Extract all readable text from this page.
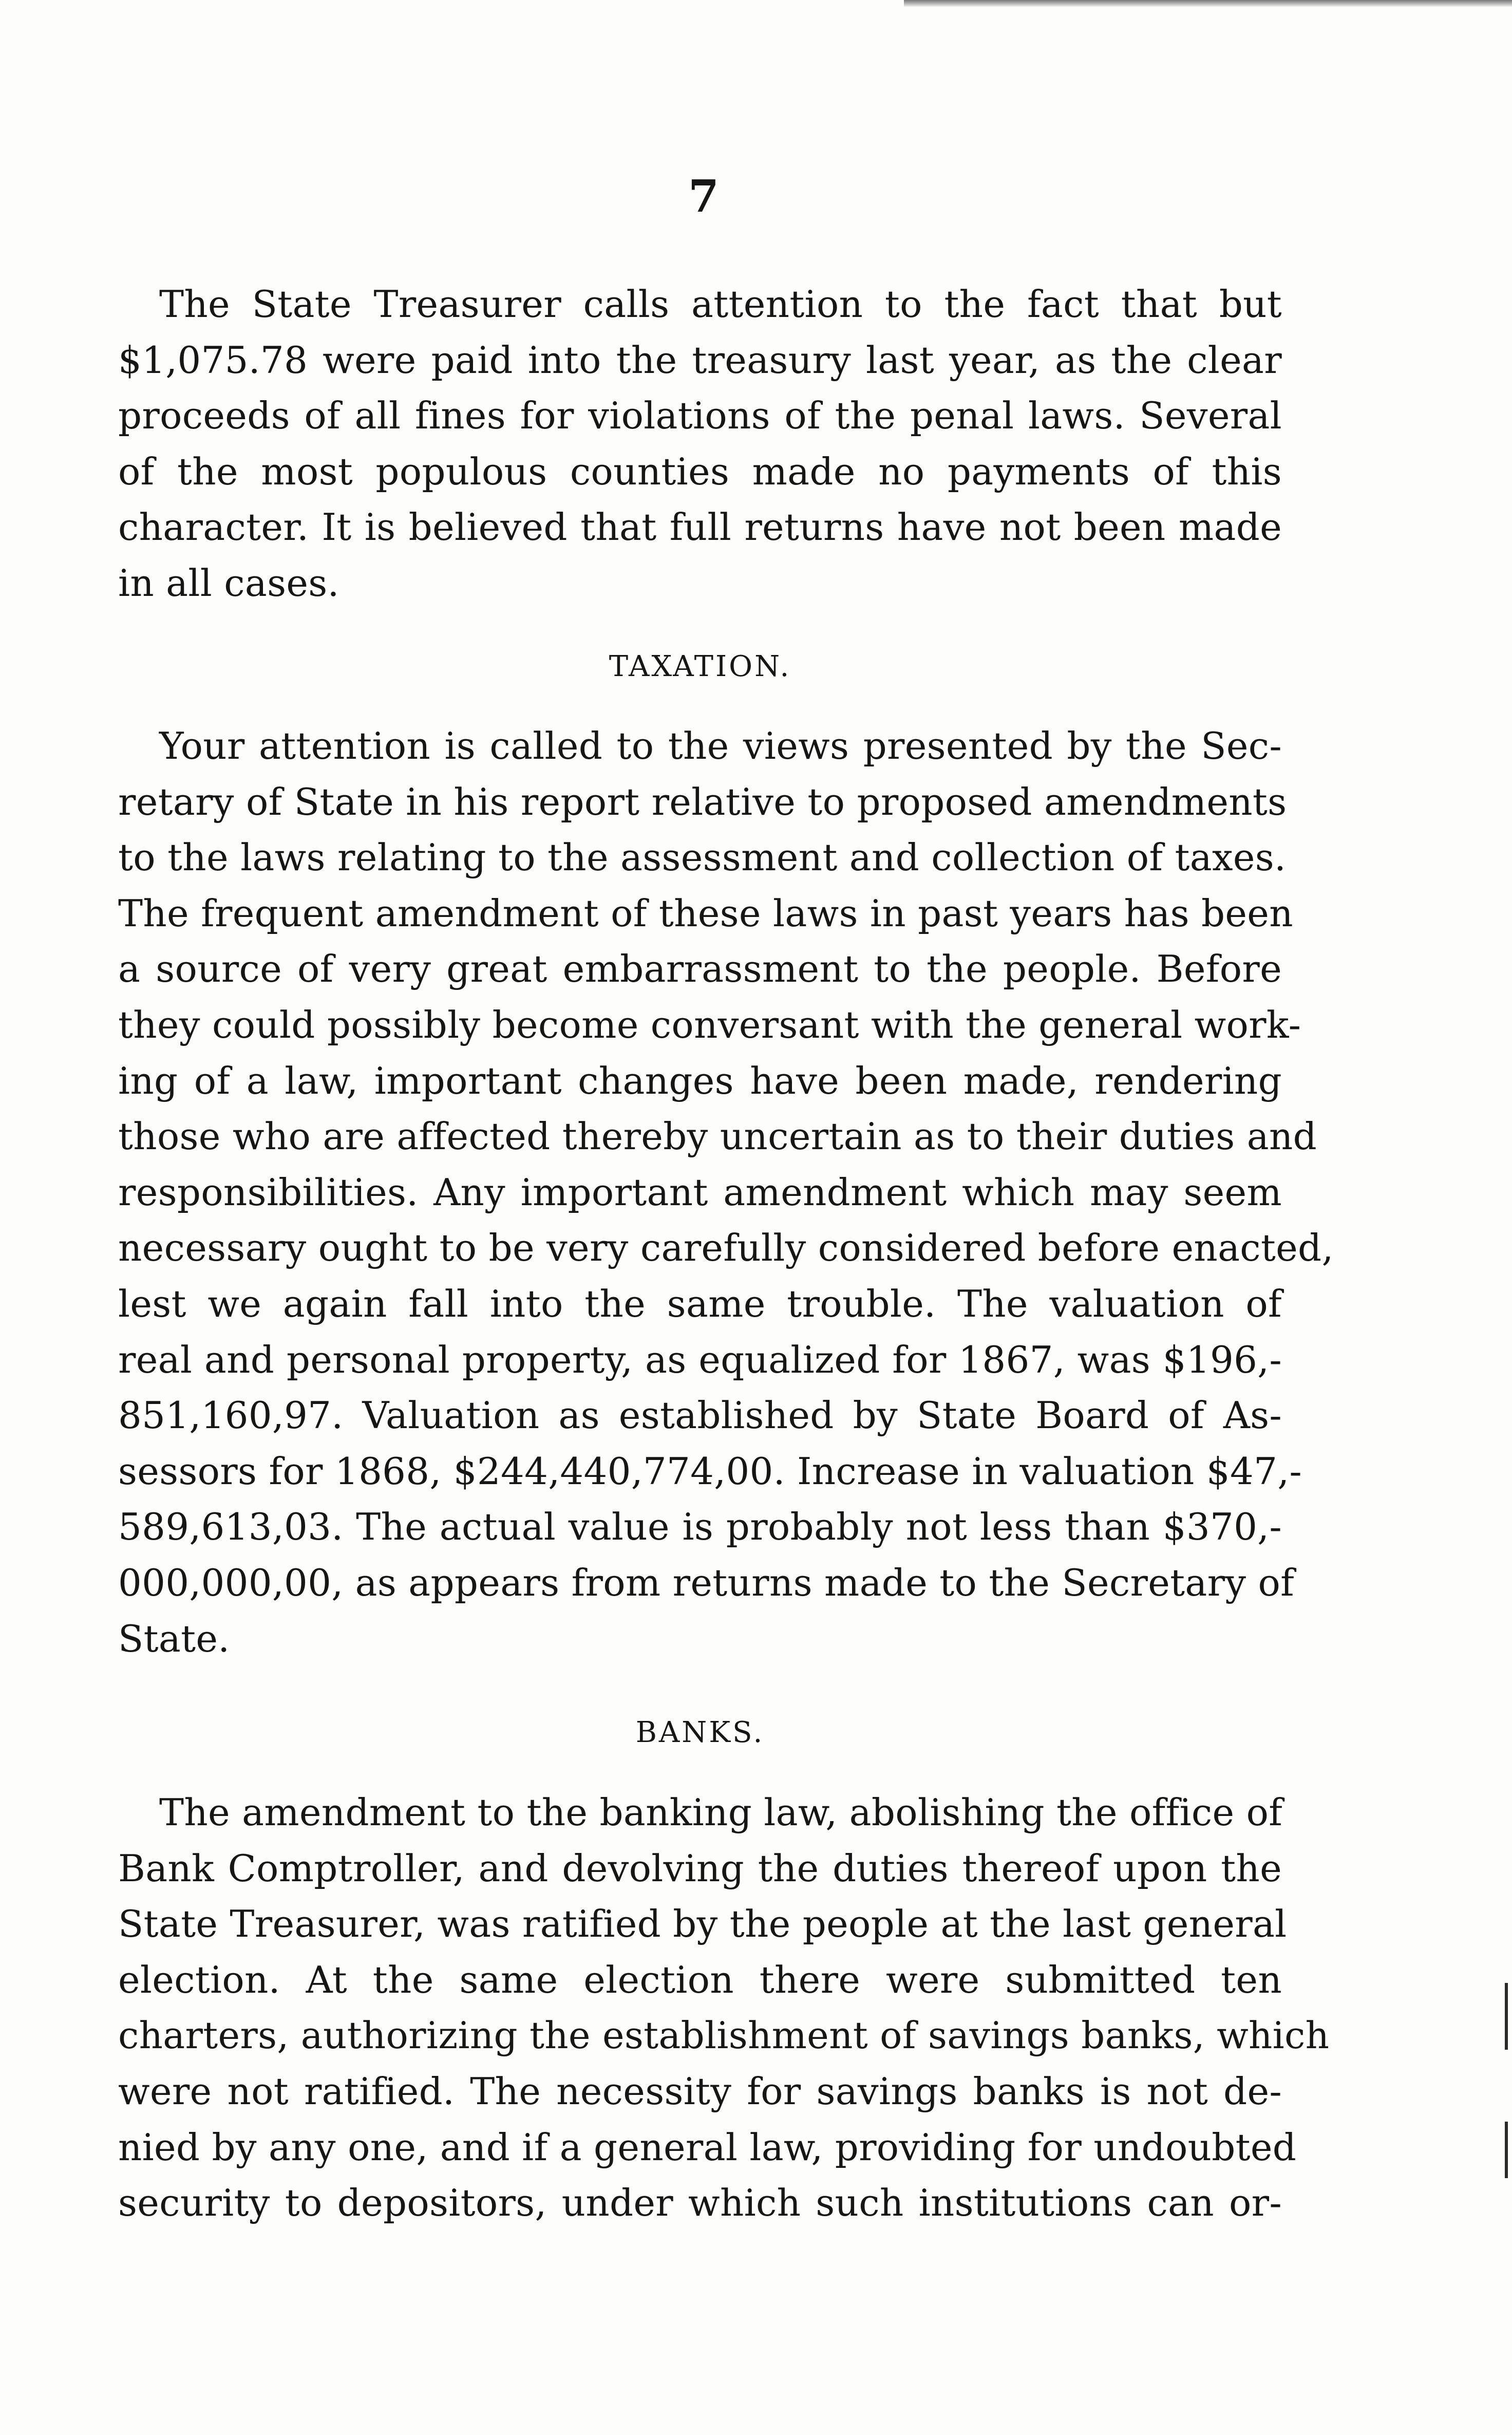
7
The State Treasurer calls attention to the fact that but
$1,075.78 were paid into the treasury last year, as the clear
proceeds of all fines for violations of the penal laws. Several
of the most populous counties made no payments of this
character. It is believed that full returns have not been made
in all cases.
TAXATION.
Your attention is called to the views presented by the Sec-
retary of State in his report relative to proposed amendments
to the laws relating to the assessment and collection of taxes.
The frequent amendment of these laws in past years has been
a source of very great embarrassment to the people. Before
they could possibly become conversant with the general work-
ing of a law, important changes have been made, rendering
those who are affected thereby uncertain as to their duties and
responsibilities. Any important amendment which may seem
necessary ought to be very carefully considered before enacted,
lest we again fall into the same trouble. The valuation of
real and personal property, as equalized for 1867, was $196,-
851,160,97. Valuation as established by State Board of As-
sessors for 1868, $244,440,774,00. Increase in valuation $47,-
589,613,03. The actual value is probably not less than $370,-
000,000,00, as appears from returns made to the Secretary of
State.
BANKS.
The amendment to the banking law, abolishing the office of
Bank Comptroller, and devolving the duties thereof upon the
State Treasurer, was ratified by the people at the last general
election. At the same election there were submitted ten
charters, authorizing the establishment of savings banks, which
were not ratified. The necessity for savings banks is not de-
nied by any one, and if a general law, providing for undoubted
security to depositors, under which such institutions can or-
